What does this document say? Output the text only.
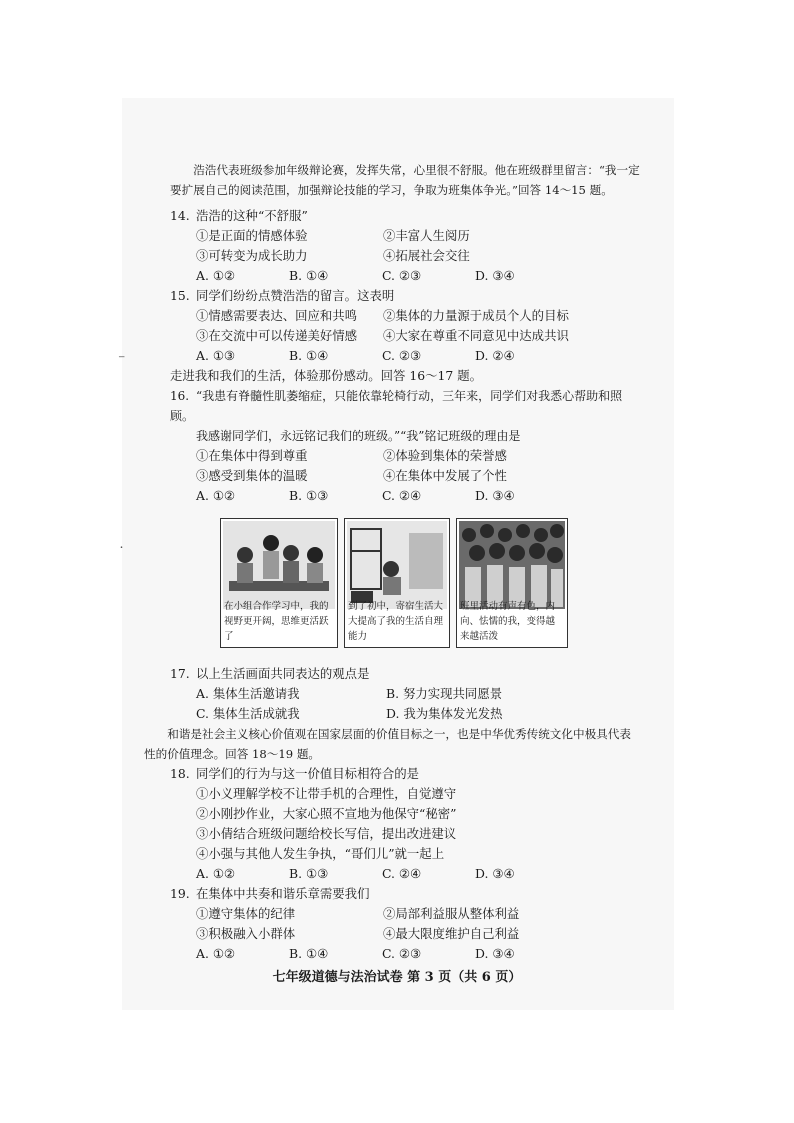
⁻
˙

浩浩代表班级参加年级辩论赛，发挥失常，心里很不舒服。他在班级群里留言：“我一定要扩展自己的阅读范围，加强辩论技能的学习，争取为班集体争光。”回答 14～15 题。

14. 浩浩的这种“不舒服”

①是正面的情感体验	②丰富人生阅历
③可转变为成长助力	④拓展社会交往
A. ①②	B. ①④	C. ②③	D. ③④

15. 同学们纷纷点赞浩浩的留言。这表明

①情感需要表达、回应和共鸣	②集体的力量源于成员个人的目标
③在交流中可以传递美好情感	④大家在尊重不同意见中达成共识
A. ①③	B. ①④	C. ②③	D. ②④

走进我和我们的生活，体验那份感动。回答 16～17 题。

16. “我患有脊髓性肌萎缩症，只能依靠轮椅行动，三年来，同学们对我悉心帮助和照顾。

我感谢同学们，永远铭记我们的班级。”“我”铭记班级的理由是

①在集体中得到尊重	②体验到集体的荣誉感
③感受到集体的温暖	④在集体中发展了个性
A. ①②	B. ①③	C. ②④	D. ③④

17. 以上生活画面共同表达的观点是

A. 集体生活邀请我	B. 努力实现共同愿景
C. 集体生活成就我	D. 我为集体发光发热

和谐是社会主义核心价值观在国家层面的价值目标之一，也是中华优秀传统文化中极具代表性的价值理念。回答 18～19 题。

18. 同学们的行为与这一价值目标相符合的是

①小义理解学校不让带手机的合理性，自觉遵守

②小刚抄作业，大家心照不宣地为他保守“秘密”

③小倩结合班级问题给校长写信，提出改进建议

④小强与其他人发生争执，“哥们儿”就一起上

A. ①②	B. ①③	C. ②④	D. ③④

19. 在集体中共奏和谐乐章需要我们

①遵守集体的纪律	②局部利益服从整体利益
③积极融入小群体	④最大限度维护自己利益
A. ①②	B. ①④	C. ②③	D. ③④
在小组合作学习中，我的视野更开阔，思维更活跃了
到了初中，寄宿生活大大提高了我的生活自理能力
班里活动有声有色，内向、怯懦的我，变得越来越活泼
七年级道德与法治试卷 第 3 页（共 6 页）
